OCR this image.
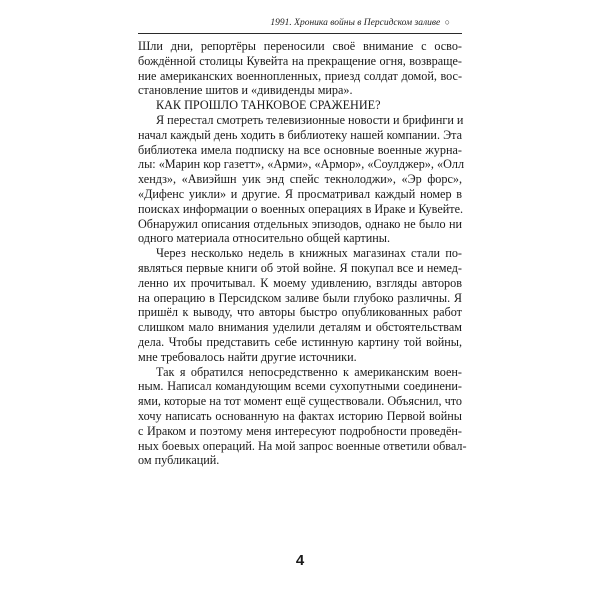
1991. Хроника войны в Персидском заливе ○
Шли дни, репортёры переносили своё внимание с осво-
бождённой столицы Кувейта на прекращение огня, возвраще-
ние американских военнопленных, приезд солдат домой, вос-
становление шитов и «дивиденды мира».
КАК ПРОШЛО ТАНКОВОЕ СРАЖЕНИЕ?
Я перестал смотреть телевизионные новости и брифинги и
начал каждый день ходить в библиотеку нашей компании. Эта
библиотека имела подписку на все основные военные журна-
лы: «Марин кор газетт», «Арми», «Армор», «Соулджер», «Олл
хендз», «Авиэйшн уик энд спейс текнолоджи», «Эр форс»,
«Дифенс уикли» и другие. Я просматривал каждый номер в
поисках информации о военных операциях в Ираке и Кувейте.
Обнаружил описания отдельных эпизодов, однако не было ни
одного материала относительно общей картины.
Через несколько недель в книжных магазинах стали по-
являться первые книги об этой войне. Я покупал все и немед-
ленно их прочитывал. К моему удивлению, взгляды авторов
на операцию в Персидском заливе были глубоко различны. Я
пришёл к выводу, что авторы быстро опубликованных работ
слишком мало внимания уделили деталям и обстоятельствам
дела. Чтобы представить себе истинную картину той войны,
мне требовалось найти другие источники.
Так я обратился непосредственно к американским воен-
ным. Написал командующим всеми сухопутными соединени-
ями, которые на тот момент ещё существовали. Объяснил, что
хочу написать основанную на фактах историю Первой войны
с Ираком и поэтому меня интересуют подробности проведён-
ных боевых операций. На мой запрос военные ответили обвал-
ом публикаций.
4
